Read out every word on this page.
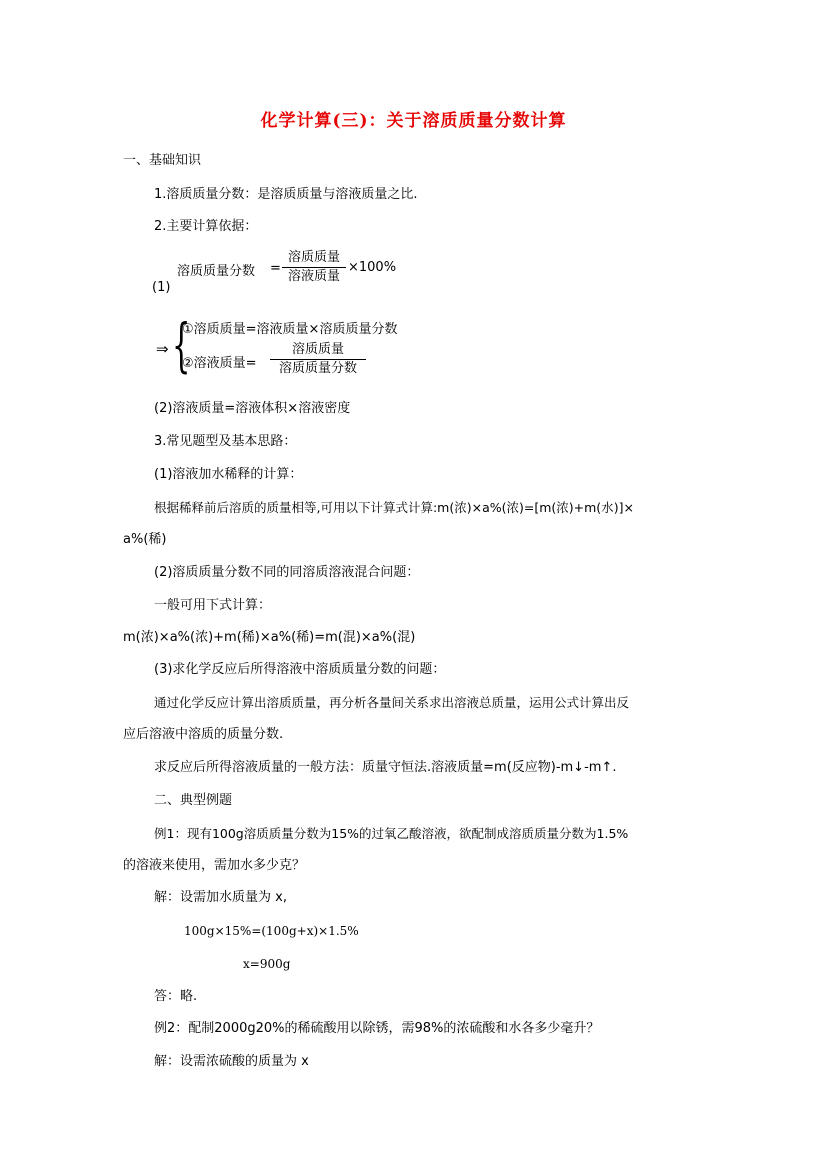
化学计算(三)：关于溶质质量分数计算
一、基础知识
1.溶质质量分数：是溶质质量与溶液质量之比.
2.主要计算依据：
(1)
溶质质量分数 =
溶质质量
溶液质量
×100%
⇒ {
①溶质质量=溶液质量×溶质质量分数
②溶液质量=
溶质质量
溶质质量分数
(2)溶液质量=溶液体积×溶液密度
3.常见题型及基本思路：
(1)溶液加水稀释的计算：
根据稀释前后溶质的质量相等,可用以下计算式计算:m(浓)×a%(浓)=[m(浓)+m(水)]×
a%(稀)
(2)溶质质量分数不同的同溶质溶液混合问题：
一般可用下式计算：
m(浓)×a%(浓)+m(稀)×a%(稀)=m(混)×a%(混)
(3)求化学反应后所得溶液中溶质质量分数的问题：
通过化学反应计算出溶质质量，再分析各量间关系求出溶液总质量，运用公式计算出反
应后溶液中溶质的质量分数.
求反应后所得溶液质量的一般方法：质量守恒法.溶液质量=m(反应物)-m↓-m↑.
二、典型例题
例1：现有100g溶质质量分数为15%的过氧乙酸溶液，欲配制成溶质质量分数为1.5%
的溶液来使用，需加水多少克？
解：设需加水质量为 x,
100g×15%=(100g+x)×1.5%
x=900g
答：略.
例2：配制2000g20%的稀硫酸用以除锈，需98%的浓硫酸和水各多少毫升？
解：设需浓硫酸的质量为 x
